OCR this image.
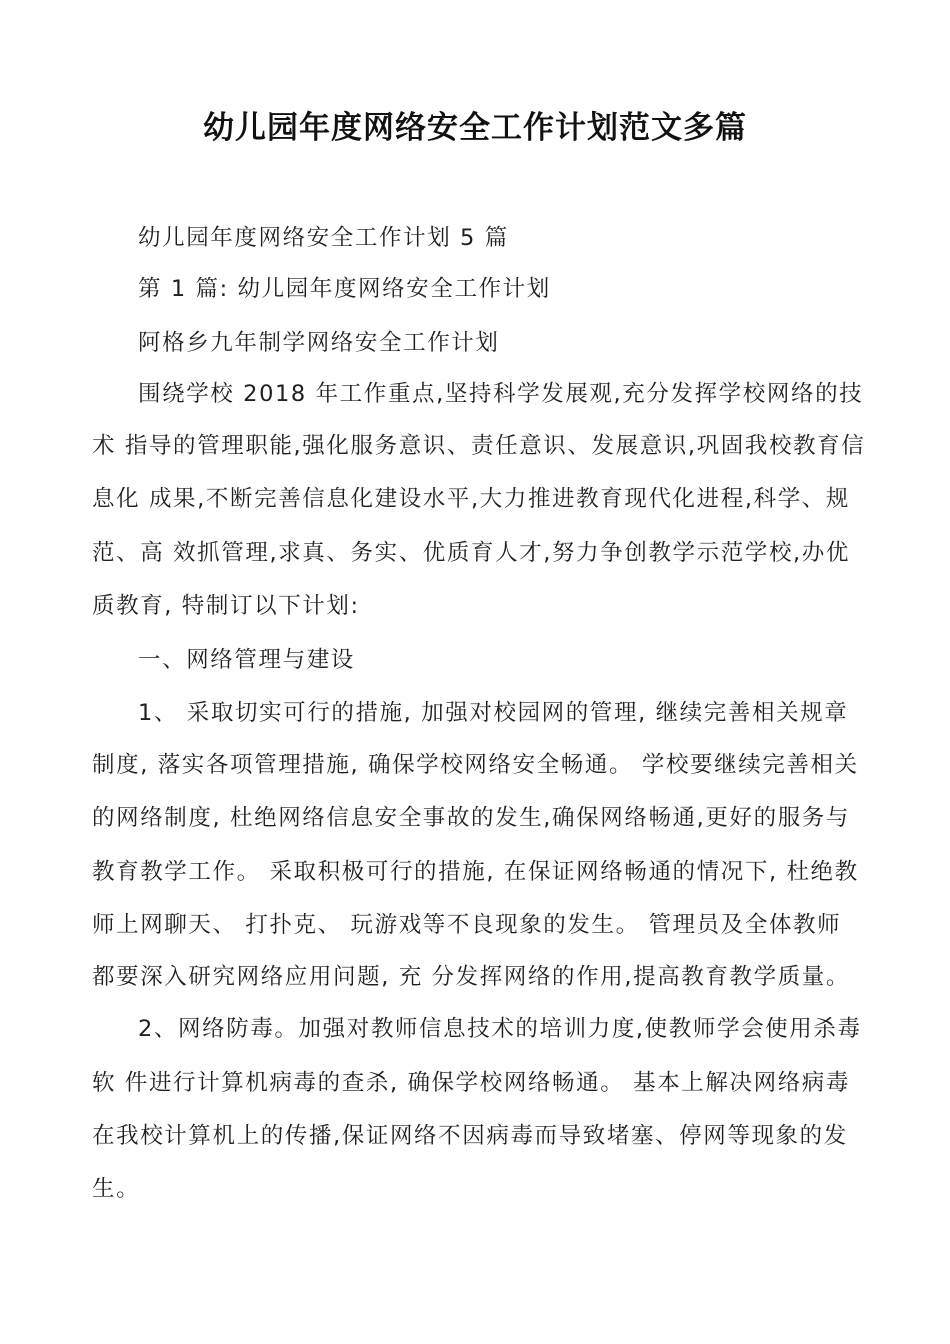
幼儿园年度网络安全工作计划范文多篇
幼儿园年度网络安全工作计划 5 篇
第 1 篇: 幼儿园年度网络安全工作计划
阿格乡九年制学网络安全工作计划
围绕学校 2018 年工作重点,坚持科学发展观,充分发挥学校网络的技
术 指导的管理职能,强化服务意识、责任意识、发展意识,巩固我校教育信
息化 成果,不断完善信息化建设水平,大力推进教育现代化进程,科学、规
范、高 效抓管理,求真、务实、优质育人才,努力争创教学示范学校,办优
质教育, 特制订以下计划:
一、网络管理与建设
1、 采取切实可行的措施, 加强对校园网的管理, 继续完善相关规章
制度, 落实各项管理措施, 确保学校网络安全畅通。 学校要继续完善相关
的网络制度, 杜绝网络信息安全事故的发生,确保网络畅通,更好的服务与
教育教学工作。 采取积极可行的措施, 在保证网络畅通的情况下, 杜绝教
师上网聊天、 打扑克、 玩游戏等不良现象的发生。 管理员及全体教师
都要深入研究网络应用问题, 充 分发挥网络的作用,提高教育教学质量。
2、网络防毒。加强对教师信息技术的培训力度,使教师学会使用杀毒
软 件进行计算机病毒的查杀, 确保学校网络畅通。 基本上解决网络病毒
在我校计算机上的传播,保证网络不因病毒而导致堵塞、停网等现象的发
生。
